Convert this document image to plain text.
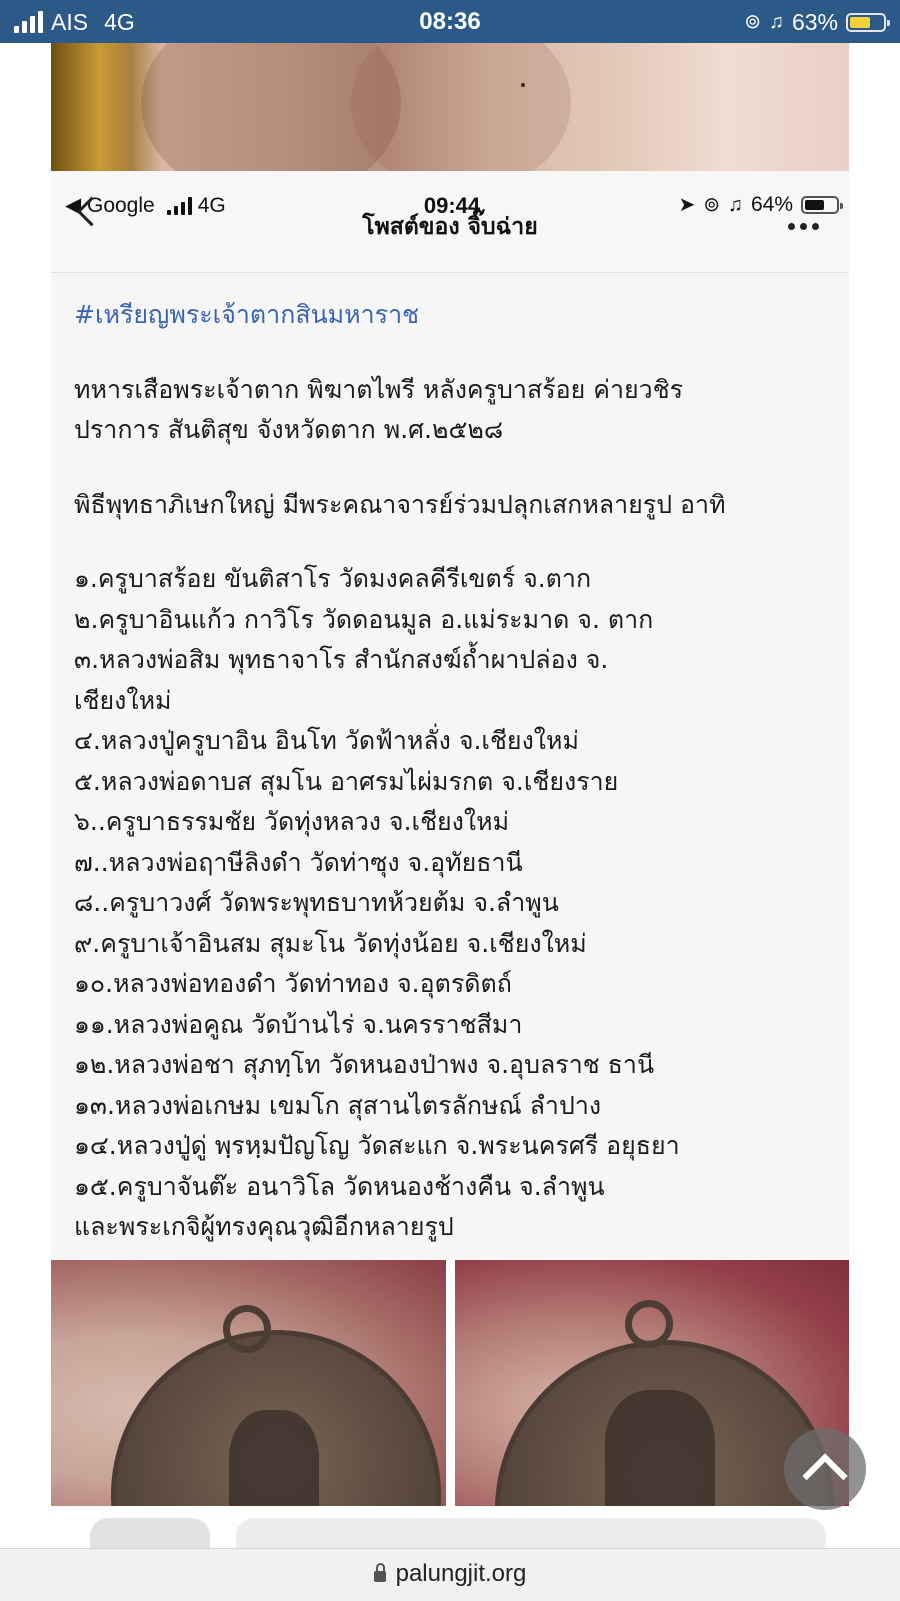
AIS 4G	08:36	⊚ ♫ 63%
◀ Google 4G	09:44	➤ ⊚ ♫ 64%
โพสต์ของ จิ๊บฉ่าย
#เหรียญพระเจ้าตากสินมหาราช
ทหารเสือพระเจ้าตาก พิฆาตไพรี หลังครูบาสร้อย ค่ายวชิร
ปราการ สันติสุข จังหวัดตาก พ.ศ.๒๕๒๘
พิธีพุทธาภิเษกใหญ่ มีพระคณาจารย์ร่วมปลุกเสกหลายรูป อาทิ
๑.ครูบาสร้อย ขันติสาโร วัดมงคลคีรีเขตร์ จ.ตาก
๒.ครูบาอินแก้ว กาวิโร วัดดอนมูล อ.แม่ระมาด จ. ตาก
๓.หลวงพ่อสิม พุทธาจาโร สำนักสงฆ์ถ้ำผาปล่อง จ.
เชียงใหม่
๔.หลวงปู่ครูบาอิน อินโท วัดฟ้าหลั่ง จ.เชียงใหม่
๕.หลวงพ่อดาบส สุมโน อาศรมไผ่มรกต จ.เชียงราย
๖..ครูบาธรรมชัย วัดทุ่งหลวง จ.เชียงใหม่
๗..หลวงพ่อฤาษีลิงดำ วัดท่าซุง จ.อุทัยธานี
๘..ครูบาวงศ์ วัดพระพุทธบาทห้วยต้ม จ.ลำพูน
๙.ครูบาเจ้าอินสม สุมะโน วัดทุ่งน้อย จ.เชียงใหม่
๑๐.หลวงพ่อทองดำ วัดท่าทอง จ.อุตรดิตถ์
๑๑.หลวงพ่อคูณ วัดบ้านไร่ จ.นครราชสีมา
๑๒.หลวงพ่อชา สุภทฺโท วัดหนองป่าพง จ.อุบลราช ธานี
๑๓.หลวงพ่อเกษม เขมโก สุสานไตรลักษณ์ ลำปาง
๑๔.หลวงปู่ดู่ พฺรหฺมปัญโญ วัดสะแก จ.พระนครศรี อยุธยา
๑๕.ครูบาจันต๊ะ อนาวิโล วัดหนองช้างคืน จ.ลำพูน
และพระเกจิผู้ทรงคุณวุฒิอีกหลายรูป
palungjit.org
